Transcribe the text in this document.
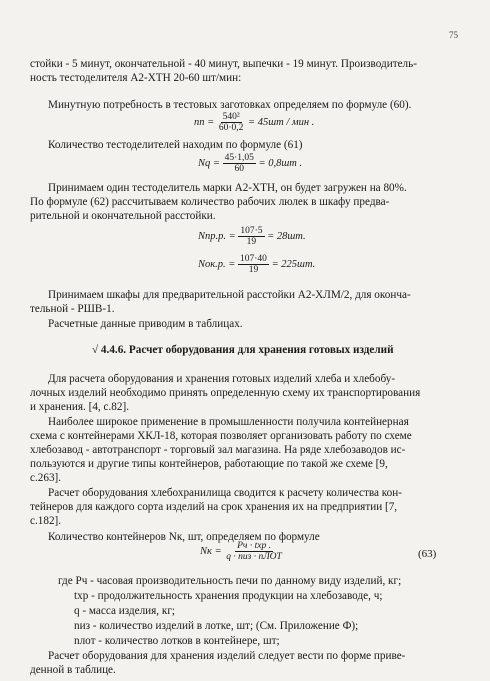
75
стойки - 5 минут, окончательной - 40 минут, выпечки - 19 минут. Производитель-
ность тестоделителя А2-ХТН 20-60 шт/мин:
Минутную потребность в тестовых заготовках определяем по формуле (60).
nп = $\frac{\text{540²}}{60\cdot 0,2} = 45шт$ / мин .
Количество тестоделителей находим по формуле (61)
$Nq = \frac{45\cdot 1,05}{60} = 0,8шт$ .
Принимаем один тестоделитель марки А2-ХТН, он будет загружен на 80%.
По формуле (62) рассчитываем количество рабочих люлек в шкафу предва-
рительной и окончательной расстойки.
Nпр.р. = $\frac{107\cdot 5}{19} = 28шт$.
Nок.р. = $\frac{107\cdot 40}{19} = 225шт$.
Принимаем шкафы для предварительной расстойки А2-ХЛМ/2, для оконча-
тельной - РШВ-1.
Расчетные данные приводим в таблицах.
√ 4.4.6. Расчет оборудования для хранения готовых изделий
Для расчета оборудования и хранения готовых изделий хлеба и хлебобу-
лочных изделий необходимо принять определенную схему их транспортирования
и хранения. [4, с.82].
Наиболее широкое применение в промышленности получила контейнерная
схема с контейнерами ХКЛ-18, которая позволяет организовать работу по схеме
хлебозавод - автотранспорт - торговый зал магазина. На ряде хлебозаводов ис-
пользуются и другие типы контейнеров, работающие по такой же схеме [9,
с.263].
Расчет оборудования хлебохранилища сводится к расчету количества кон-
тейнеров для каждого сорта изделий на срок хранения их на предприятии [7,
с.182].
Количество контейнеров Nк, шт, определяем по формуле
Nк = $\frac{\text{Рч · tхр .}}{\text{q · nиз · nЛОТ}}$	(63)
где Рч - часовая производительность печи по данному виду изделий, кг;
tхр - продолжительность хранения продукции на хлебозаводе, ч;
q - масса изделия, кг;
nиз - количество изделий в лотке, шт; (См. Приложение Ф);
nлот - количество лотков в контейнере, шт;
Расчет оборудования для хранения изделий следует вести по форме приве-
денной в таблице.
